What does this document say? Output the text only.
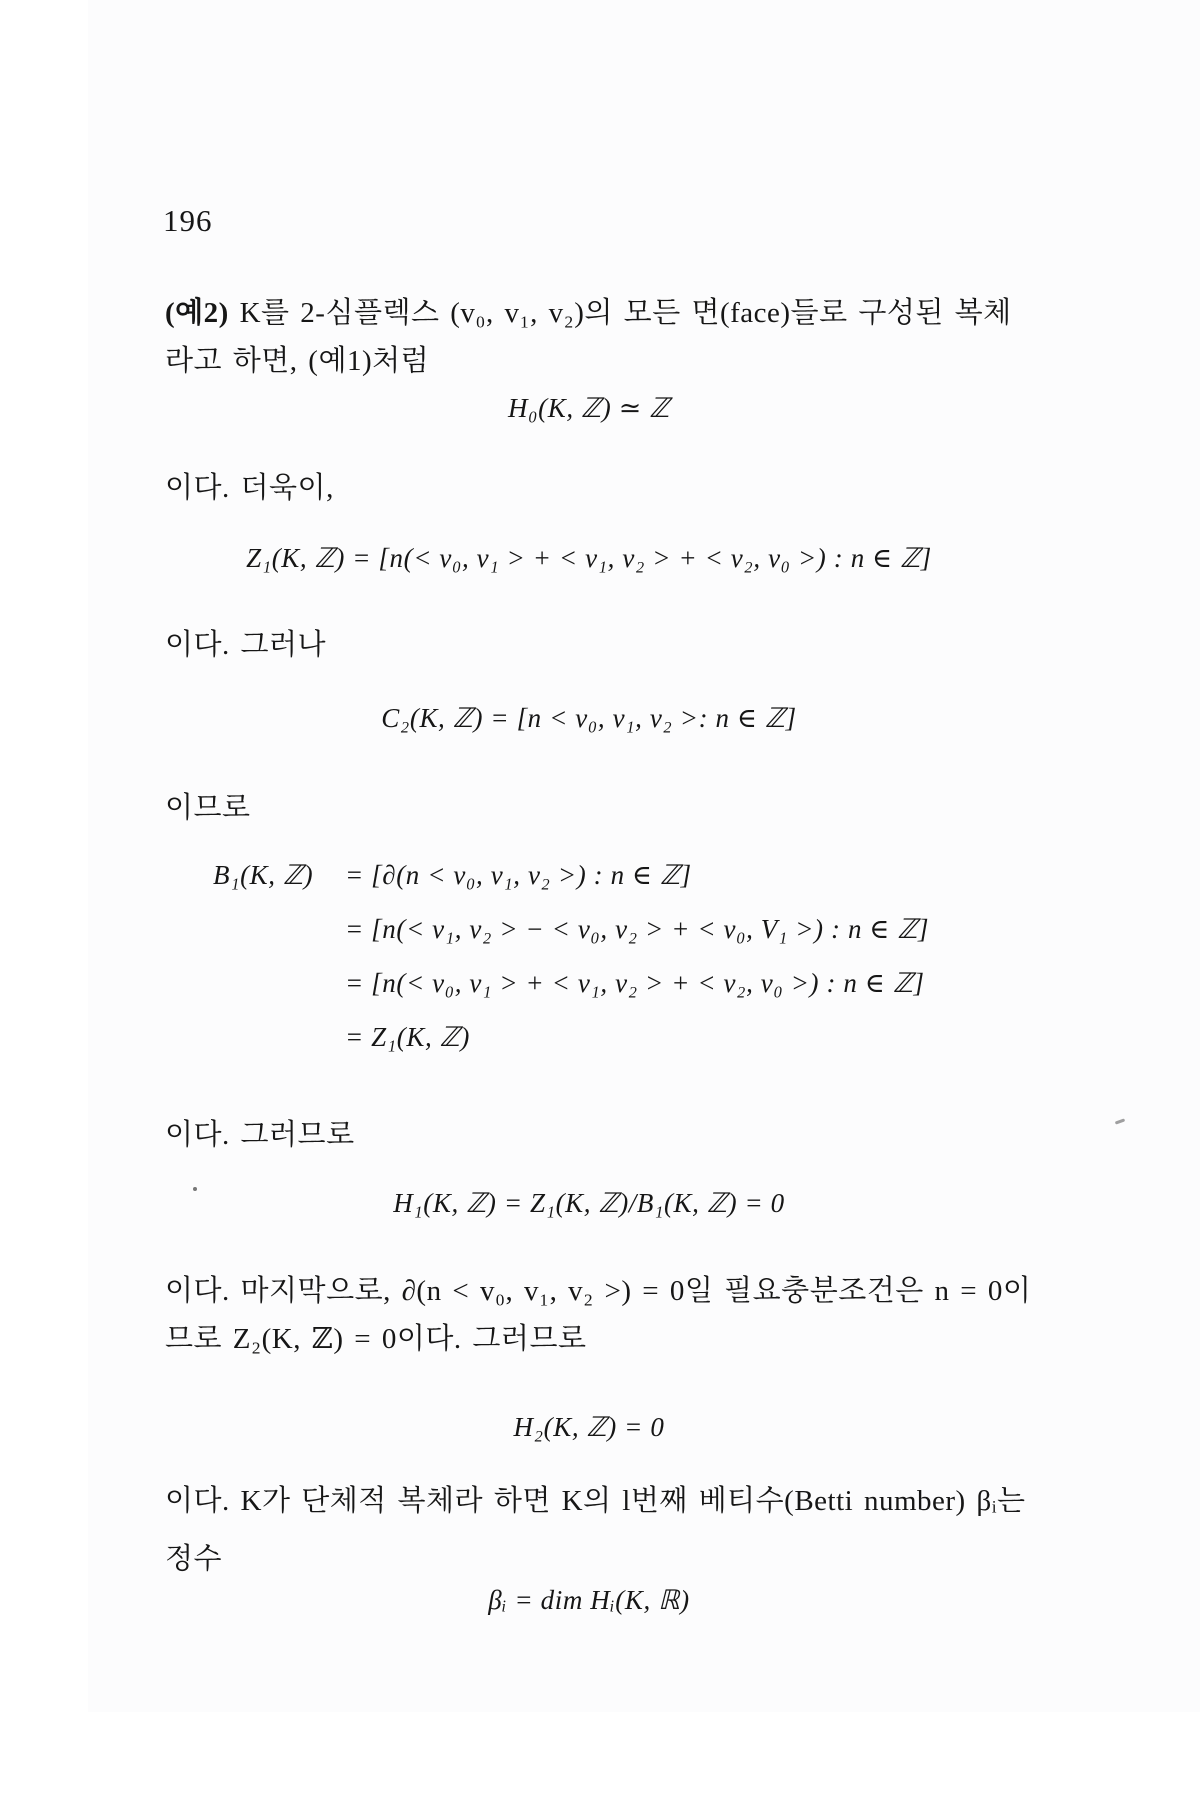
196
(예2) K를 2-심플렉스 (v₀, v₁, v₂)의 모든 면(face)들로 구성된 복체
라고 하면, (예1)처럼
H₀(K, ℤ) ≃ ℤ
이다. 더욱이,
Z₁(K, ℤ) = [n(< v₀, v₁ > + < v₁, v₂ > + < v₂, v₀ >) : n ∈ ℤ]
이다. 그러나
C₂(K, ℤ) = [n < v₀, v₁, v₂ >: n ∈ ℤ]
이므로
B₁(K, ℤ) = [∂(n < v₀, v₁, v₂ >) : n ∈ ℤ]
= [n(< v₁, v₂ > − < v₀, v₂ > + < v₀, V₁ >) : n ∈ ℤ]
= [n(< v₀, v₁ > + < v₁, v₂ > + < v₂, v₀ >) : n ∈ ℤ]
= Z₁(K, ℤ)
이다. 그러므로
H₁(K, ℤ) = Z₁(K, ℤ)/B₁(K, ℤ) = 0
이다. 마지막으로, ∂(n < v₀, v₁, v₂ >) = 0일 필요충분조건은 n = 0이
므로 Z₂(K, ℤ) = 0이다. 그러므로
H₂(K, ℤ) = 0
이다. K가 단체적 복체라 하면 K의 l번째 베티수(Betti number) βᵢ는
정수
βᵢ = dim Hᵢ(K, ℝ)
